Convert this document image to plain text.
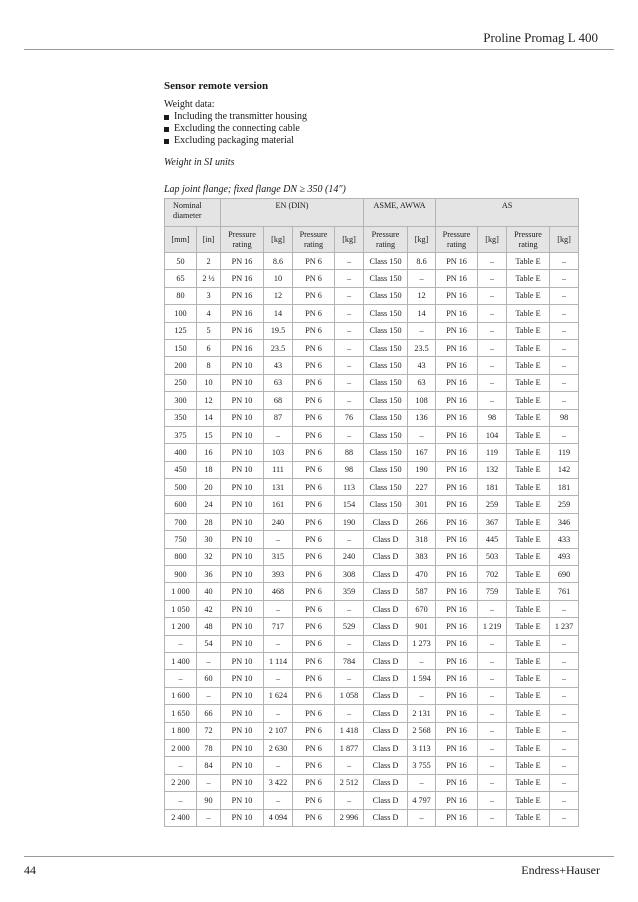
Proline Promag L 400
Sensor remote version
Weight data:
Including the transmitter housing
Excluding the connecting cable
Excluding packaging material
Weight in SI units
Lap joint flange; fixed flange DN ≥ 350 (14")
Nominal diameter		EN (DIN)				ASME, AWWA		AS			
[mm]	[in]	Pressure rating	[kg]	Pressure rating	[kg]	Pressure rating	[kg]	Pressure rating	[kg]	Pressure rating	[kg]
50	2	PN 16	8.6	PN 6	–	Class 150	8.6	PN 16	–	Table E	–
65	2 ½	PN 16	10	PN 6	–	Class 150	–	PN 16	–	Table E	–
80	3	PN 16	12	PN 6	–	Class 150	12	PN 16	–	Table E	–
100	4	PN 16	14	PN 6	–	Class 150	14	PN 16	–	Table E	–
125	5	PN 16	19.5	PN 6	–	Class 150	–	PN 16	–	Table E	–
150	6	PN 16	23.5	PN 6	–	Class 150	23.5	PN 16	–	Table E	–
200	8	PN 10	43	PN 6	–	Class 150	43	PN 16	–	Table E	–
250	10	PN 10	63	PN 6	–	Class 150	63	PN 16	–	Table E	–
300	12	PN 10	68	PN 6	–	Class 150	108	PN 16	–	Table E	–
350	14	PN 10	87	PN 6	76	Class 150	136	PN 16	98	Table E	98
375	15	PN 10	–	PN 6	–	Class 150	–	PN 16	104	Table E	–
400	16	PN 10	103	PN 6	88	Class 150	167	PN 16	119	Table E	119
450	18	PN 10	111	PN 6	98	Class 150	190	PN 16	132	Table E	142
500	20	PN 10	131	PN 6	113	Class 150	227	PN 16	181	Table E	181
600	24	PN 10	161	PN 6	154	Class 150	301	PN 16	259	Table E	259
700	28	PN 10	240	PN 6	190	Class D	266	PN 16	367	Table E	346
750	30	PN 10	–	PN 6	–	Class D	318	PN 16	445	Table E	433
800	32	PN 10	315	PN 6	240	Class D	383	PN 16	503	Table E	493
900	36	PN 10	393	PN 6	308	Class D	470	PN 16	702	Table E	690
1 000	40	PN 10	468	PN 6	359	Class D	587	PN 16	759	Table E	761
1 050	42	PN 10	–	PN 6	–	Class D	670	PN 16	–	Table E	–
1 200	48	PN 10	717	PN 6	529	Class D	901	PN 16	1 219	Table E	1 237
–	54	PN 10	–	PN 6	–	Class D	1 273	PN 16	–	Table E	–
1 400	–	PN 10	1 114	PN 6	784	Class D	–	PN 16	–	Table E	–
–	60	PN 10	–	PN 6	–	Class D	1 594	PN 16	–	Table E	–
1 600	–	PN 10	1 624	PN 6	1 058	Class D	–	PN 16	–	Table E	–
1 650	66	PN 10	–	PN 6	–	Class D	2 131	PN 16	–	Table E	–
1 800	72	PN 10	2 107	PN 6	1 418	Class D	2 568	PN 16	–	Table E	–
2 000	78	PN 10	2 630	PN 6	1 877	Class D	3 113	PN 16	–	Table E	–
–	84	PN 10	–	PN 6	–	Class D	3 755	PN 16	–	Table E	–
2 200	–	PN 10	3 422	PN 6	2 512	Class D	–	PN 16	–	Table E	–
–	90	PN 10	–	PN 6	–	Class D	4 797	PN 16	–	Table E	–
2 400	–	PN 10	4 094	PN 6	2 996	Class D	–	PN 16	–	Table E	–
44	Endress+Hauser
